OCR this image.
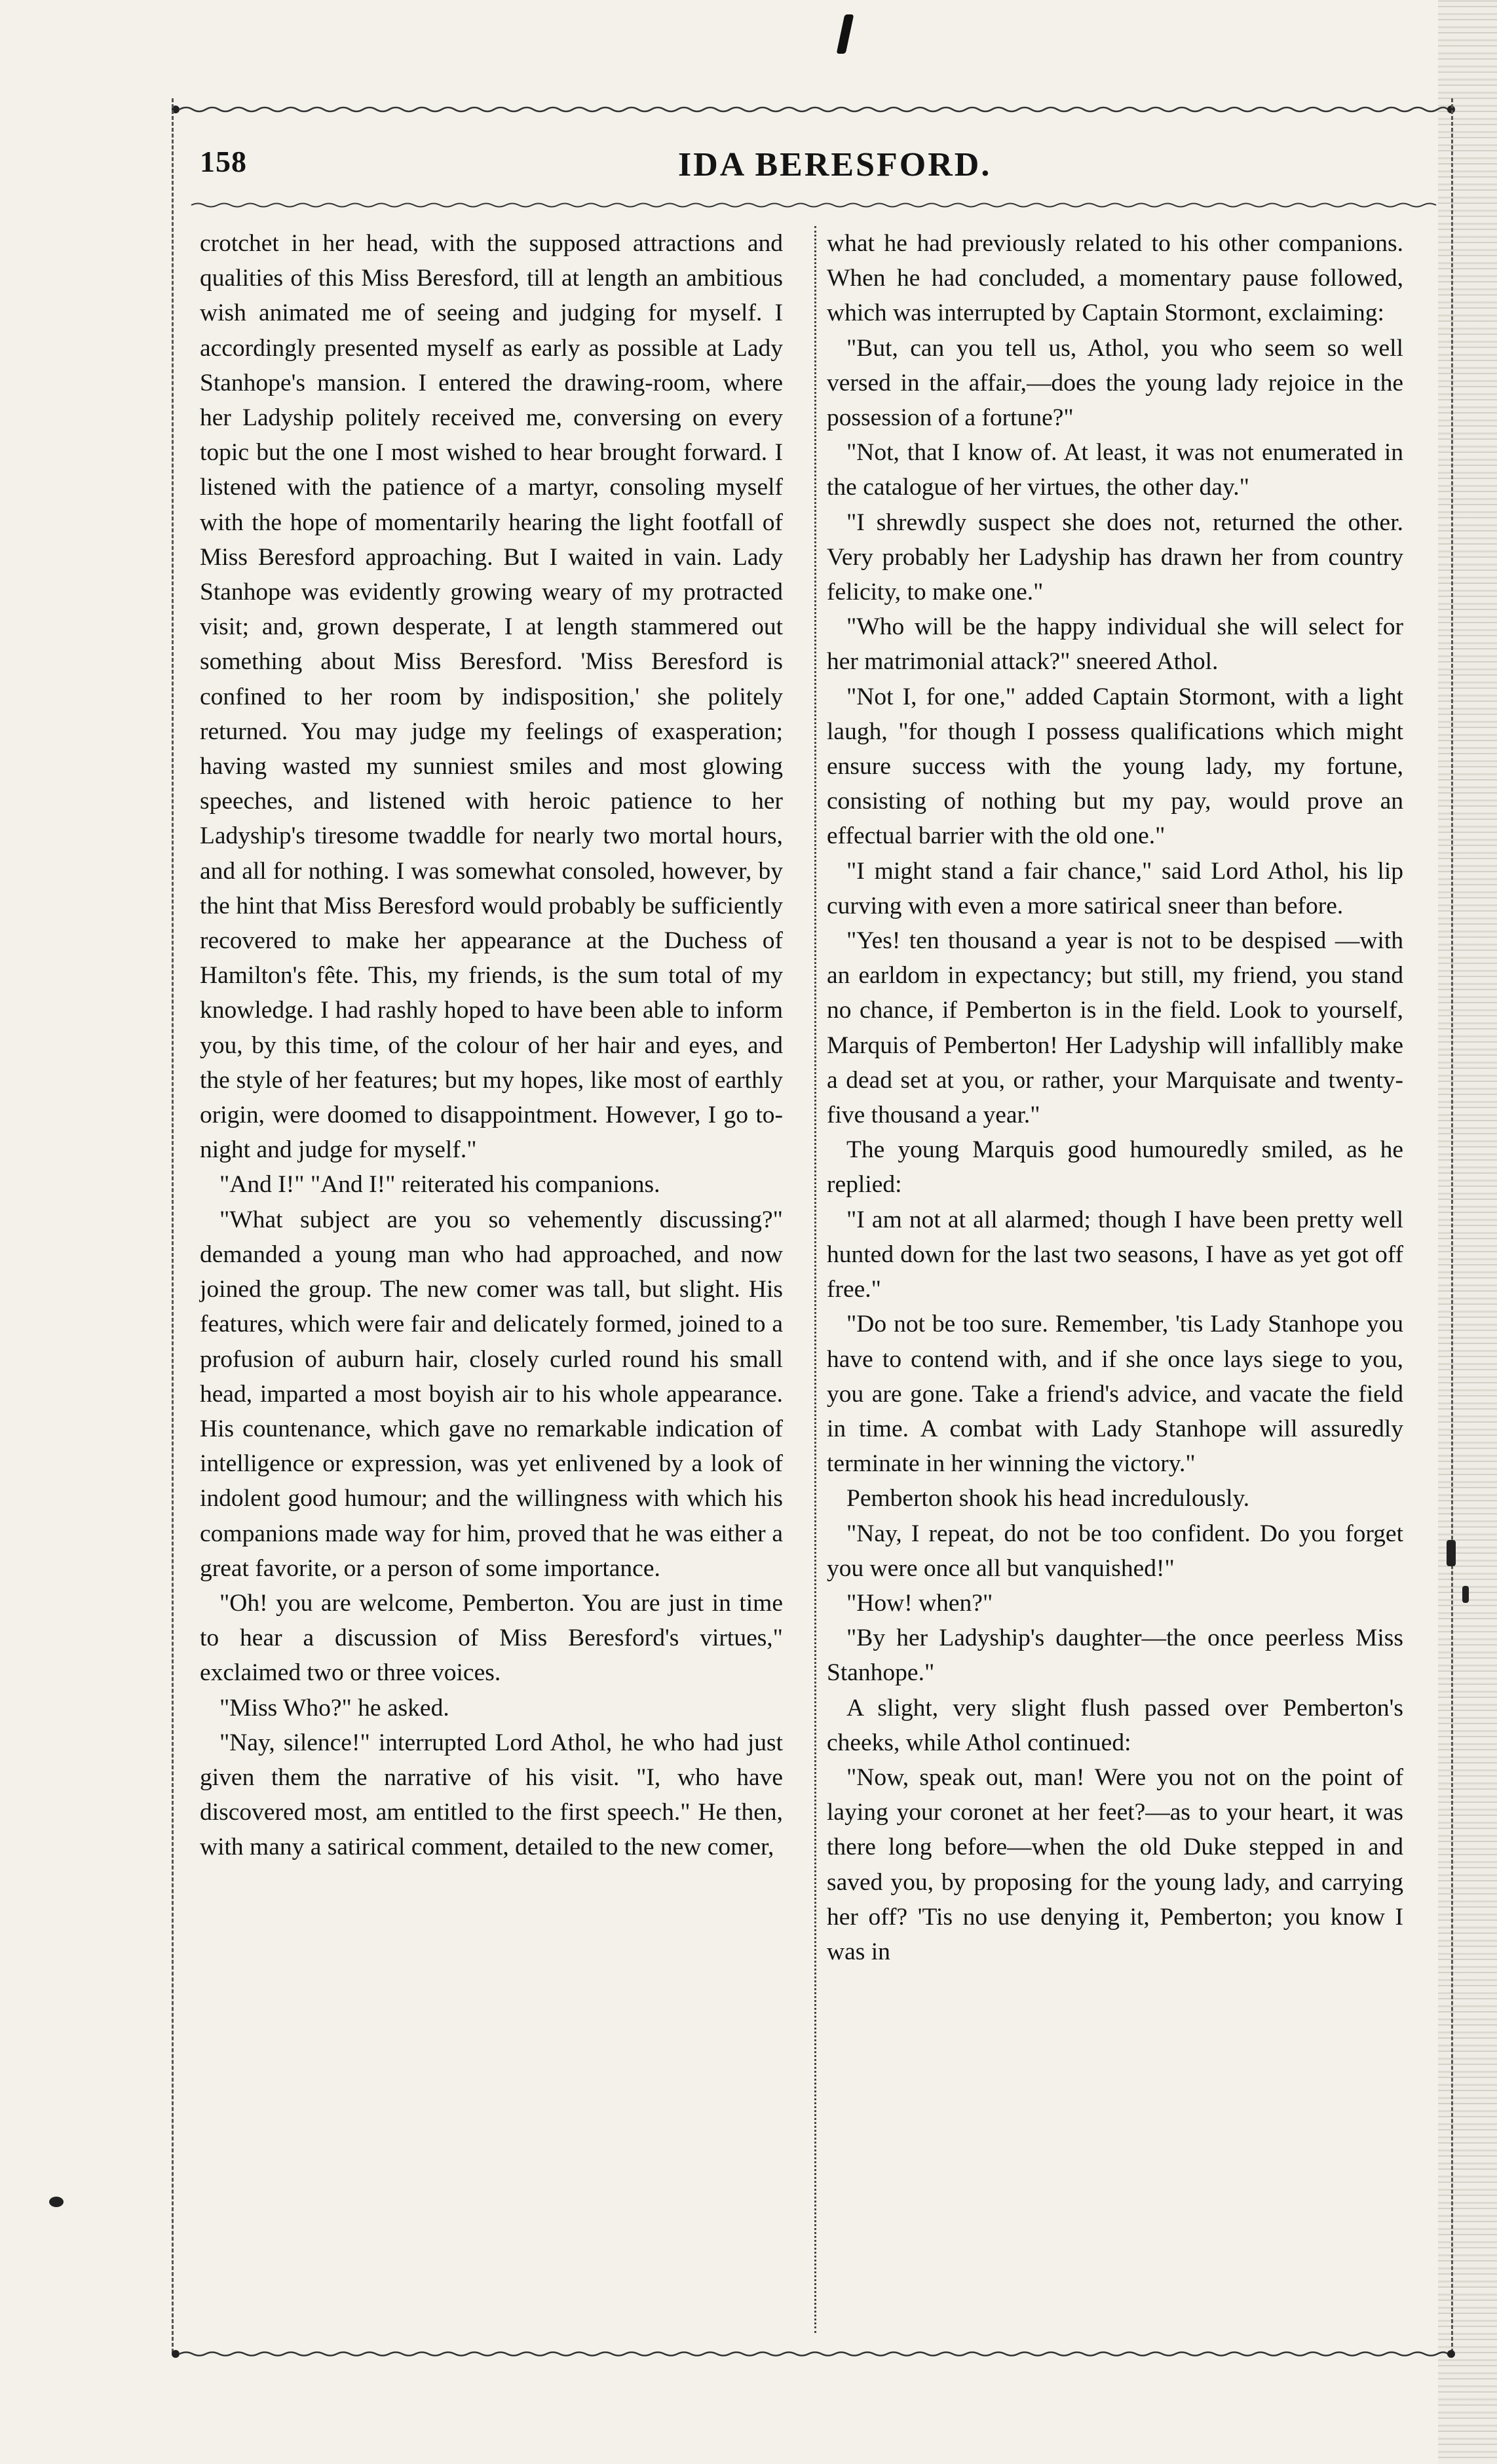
158	IDA BERESFORD.

crotchet in her head, with the supposed attractions and qualities of this Miss Beresford, till at length an ambitious wish animated me of seeing and judging for myself. I accordingly presented myself as early as possible at Lady Stanhope's mansion. I entered the drawing-room, where her Ladyship politely received me, conversing on every topic but the one I most wished to hear brought forward. I listened with the patience of a martyr, consoling myself with the hope of momentarily hearing the light footfall of Miss Beresford approaching. But I waited in vain. Lady Stanhope was evidently growing weary of my protracted visit; and, grown desperate, I at length stammered out something about Miss Beresford. 'Miss Beresford is confined to her room by indisposition,' she politely returned. You may judge my feelings of exasperation; having wasted my sunniest smiles and most glowing speeches, and listened with heroic patience to her Ladyship's tiresome twaddle for nearly two mortal hours, and all for nothing. I was somewhat consoled, however, by the hint that Miss Beresford would probably be sufficiently recovered to make her appearance at the Duchess of Hamilton's fête. This, my friends, is the sum total of my knowledge. I had rashly hoped to have been able to inform you, by this time, of the colour of her hair and eyes, and the style of her features; but my hopes, like most of earthly origin, were doomed to disappointment. However, I go to-night and judge for myself."

"And I!" "And I!" reiterated his companions.

"What subject are you so vehemently discussing?" demanded a young man who had approached, and now joined the group. The new comer was tall, but slight. His features, which were fair and delicately formed, joined to a profusion of auburn hair, closely curled round his small head, imparted a most boyish air to his whole appearance. His countenance, which gave no remarkable indication of intelligence or expression, was yet enlivened by a look of indolent good humour; and the willingness with which his companions made way for him, proved that he was either a great favorite, or a person of some importance.

"Oh! you are welcome, Pemberton. You are just in time to hear a discussion of Miss Beresford's virtues," exclaimed two or three voices.

"Miss Who?" he asked.

"Nay, silence!" interrupted Lord Athol, he who had just given them the narrative of his visit. "I, who have discovered most, am entitled to the first speech." He then, with many a satirical comment, detailed to the new comer,

what he had previously related to his other companions. When he had concluded, a momentary pause followed, which was interrupted by Captain Stormont, exclaiming:

"But, can you tell us, Athol, you who seem so well versed in the affair,—does the young lady rejoice in the possession of a fortune?"

"Not, that I know of. At least, it was not enumerated in the catalogue of her virtues, the other day."

"I shrewdly suspect she does not, returned the other. Very probably her Ladyship has drawn her from country felicity, to make one."

"Who will be the happy individual she will select for her matrimonial attack?" sneered Athol.

"Not I, for one," added Captain Stormont, with a light laugh, "for though I possess qualifications which might ensure success with the young lady, my fortune, consisting of nothing but my pay, would prove an effectual barrier with the old one."

"I might stand a fair chance," said Lord Athol, his lip curving with even a more satirical sneer than before.

"Yes! ten thousand a year is not to be despised —with an earldom in expectancy; but still, my friend, you stand no chance, if Pemberton is in the field. Look to yourself, Marquis of Pemberton! Her Ladyship will infallibly make a dead set at you, or rather, your Marquisate and twenty-five thousand a year."

The young Marquis good humouredly smiled, as he replied:

"I am not at all alarmed; though I have been pretty well hunted down for the last two seasons, I have as yet got off free."

"Do not be too sure. Remember, 'tis Lady Stanhope you have to contend with, and if she once lays siege to you, you are gone. Take a friend's advice, and vacate the field in time. A combat with Lady Stanhope will assuredly terminate in her winning the victory."

Pemberton shook his head incredulously.

"Nay, I repeat, do not be too confident. Do you forget you were once all but vanquished!"

"How! when?"

"By her Ladyship's daughter—the once peerless Miss Stanhope."

A slight, very slight flush passed over Pemberton's cheeks, while Athol continued:

"Now, speak out, man! Were you not on the point of laying your coronet at her feet?—as to your heart, it was there long before—when the old Duke stepped in and saved you, by proposing for the young lady, and carrying her off? 'Tis no use denying it, Pemberton; you know I was in
